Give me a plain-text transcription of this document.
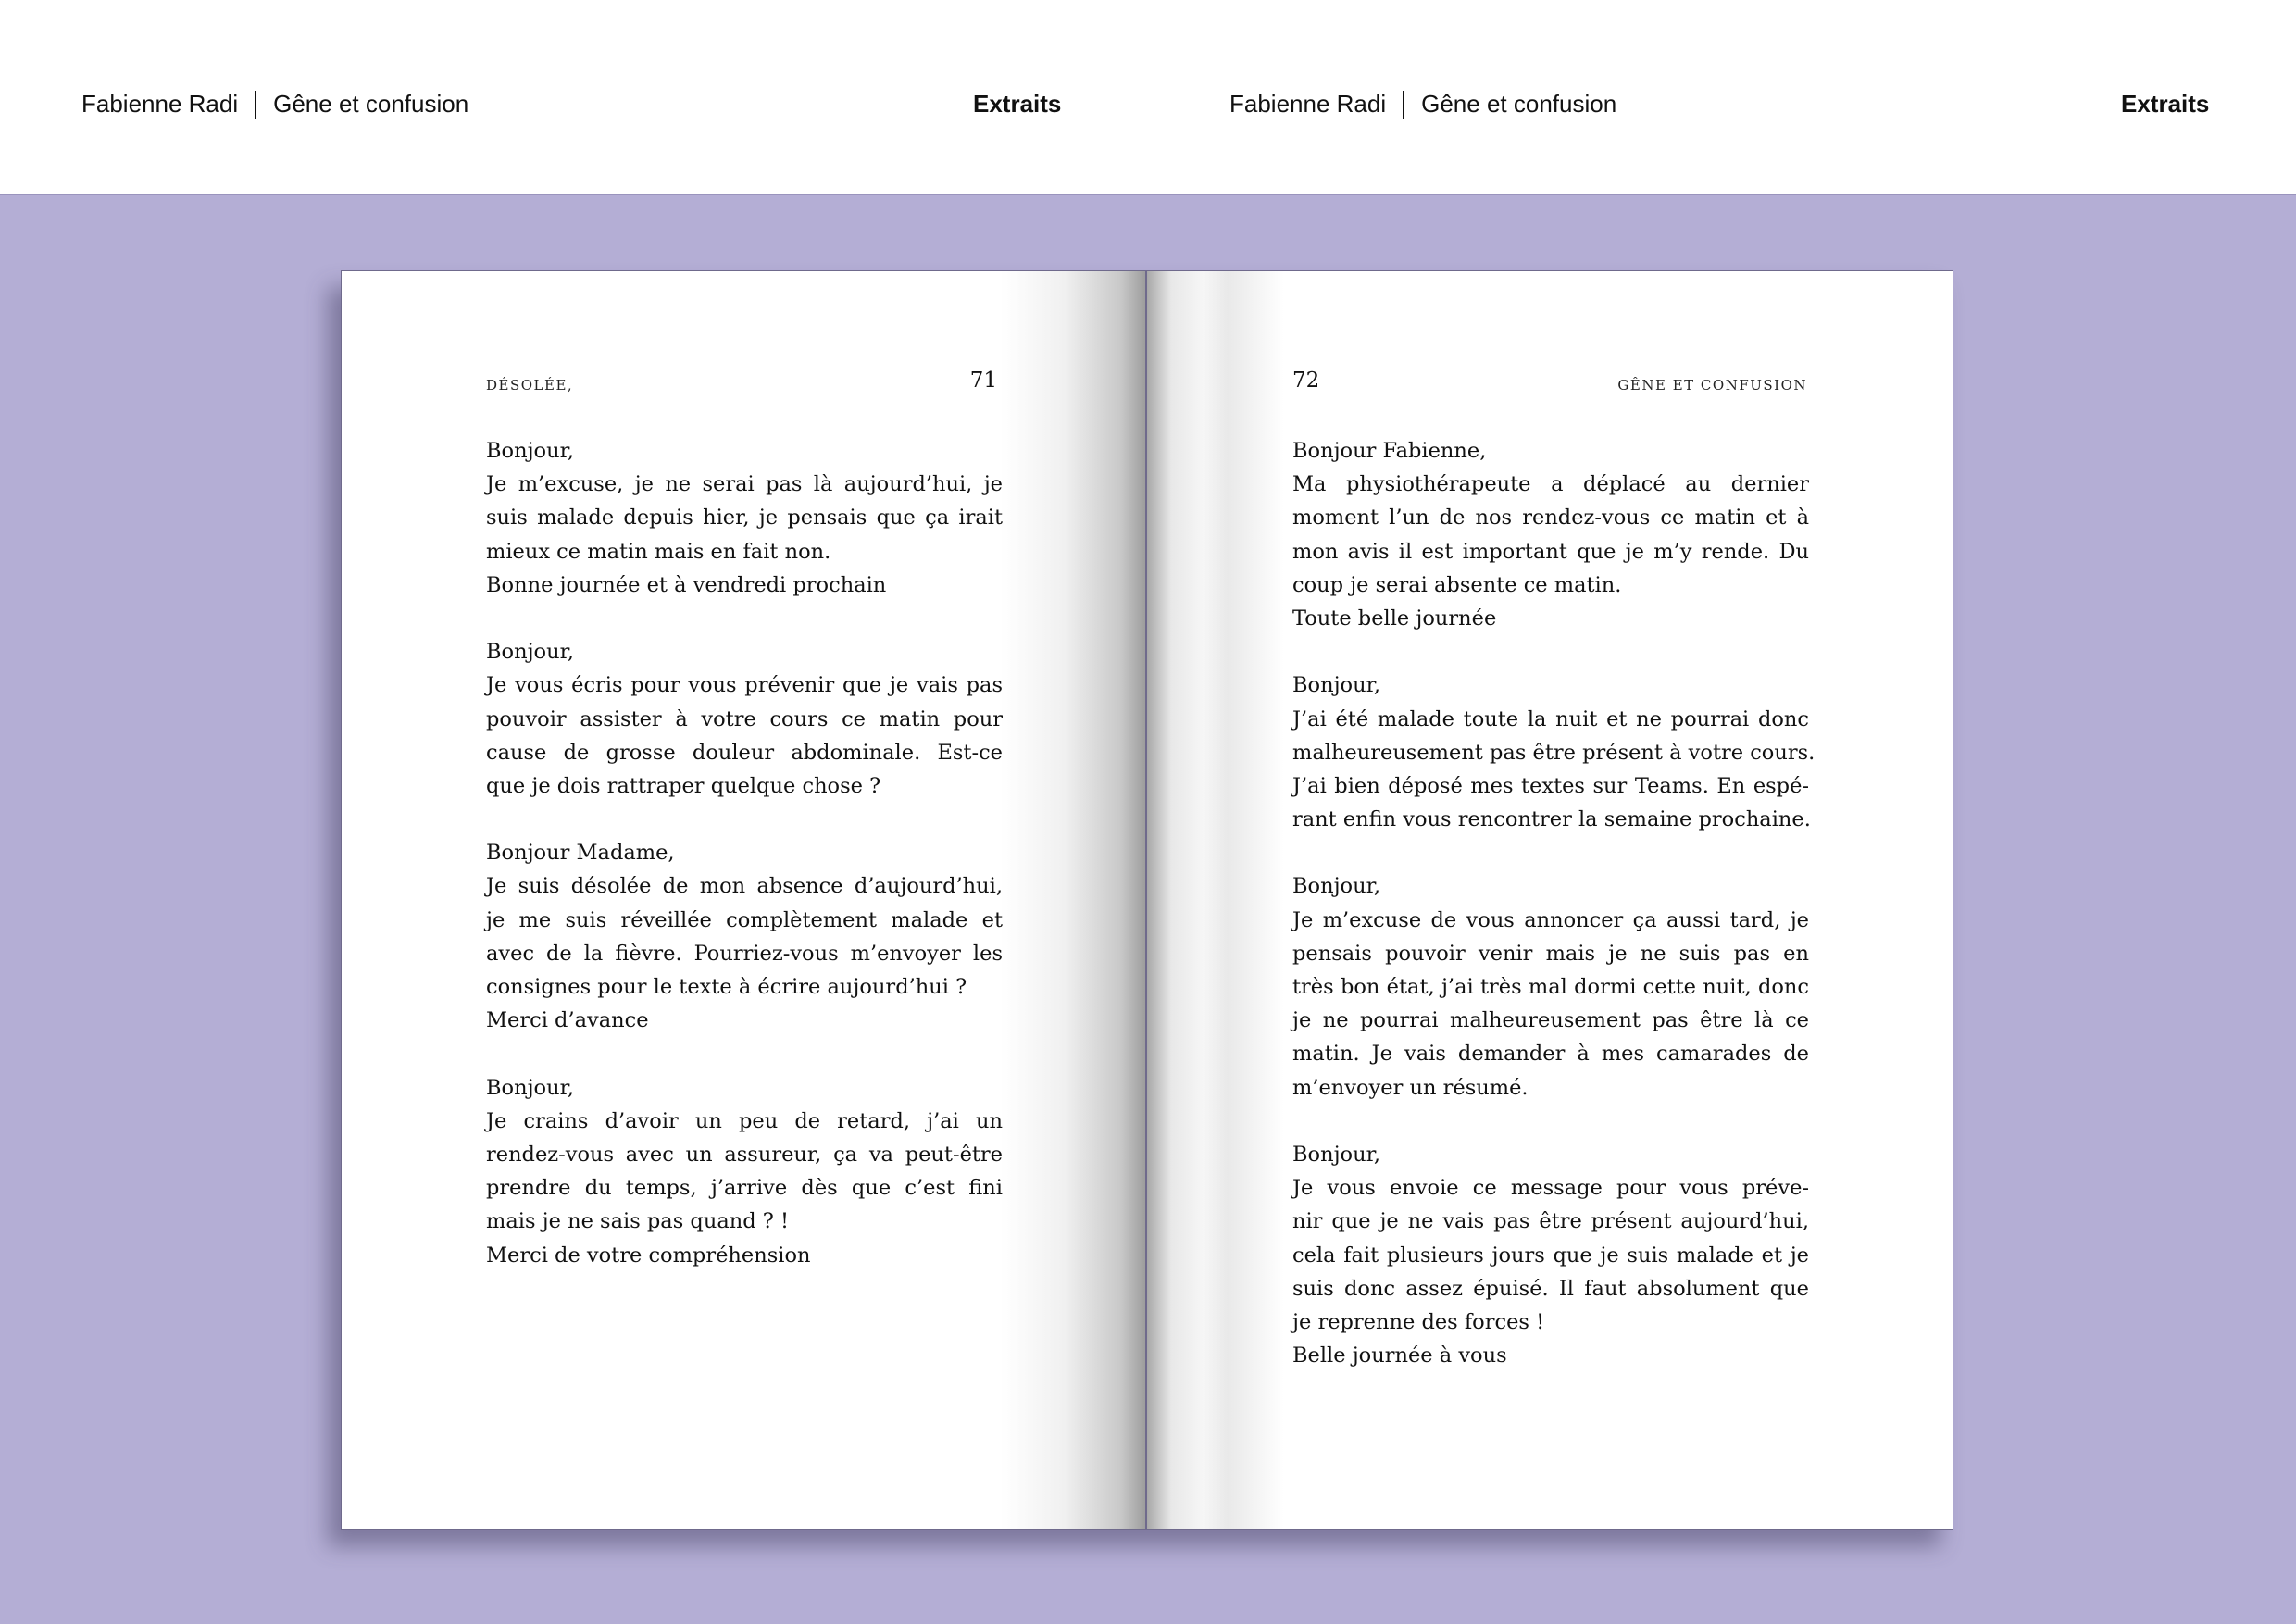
Fabienne Radi Gêne et confusion	Extraits	Fabienne Radi Gêne et confusion	Extraits
DÉSOLÉE,	71
Bonjour,
Je m’excuse, je ne serai pas là aujourd’hui, je
suis malade depuis hier, je pensais que ça irait
mieux ce matin mais en fait non.
Bonne journée et à vendredi prochain
Bonjour,
Je vous écris pour vous prévenir que je vais pas
pouvoir assister à votre cours ce matin pour
cause de grosse douleur abdominale. Est-ce
que je dois rattraper quelque chose ?
Bonjour Madame,
Je suis désolée de mon absence d’aujourd’hui,
je me suis réveillée complètement malade et
avec de la fièvre. Pourriez-vous m’envoyer les
consignes pour le texte à écrire aujourd’hui ?
Merci d’avance
Bonjour,
Je crains d’avoir un peu de retard, j’ai un
rendez-vous avec un assureur, ça va peut-être
prendre du temps, j’arrive dès que c’est fini
mais je ne sais pas quand ? !
Merci de votre compréhension
72	GÊNE ET CONFUSION
Bonjour Fabienne,
Ma physiothérapeute a déplacé au dernier
moment l’un de nos rendez-vous ce matin et à
mon avis il est important que je m’y rende. Du
coup je serai absente ce matin.
Toute belle journée
Bonjour,
J’ai été malade toute la nuit et ne pourrai donc
malheureusement pas être présent à votre cours.
J’ai bien déposé mes textes sur Teams. En espé-
rant enfin vous rencontrer la semaine prochaine.
Bonjour,
Je m’excuse de vous annoncer ça aussi tard, je
pensais pouvoir venir mais je ne suis pas en
très bon état, j’ai très mal dormi cette nuit, donc
je ne pourrai malheureusement pas être là ce
matin. Je vais demander à mes camarades de
m’envoyer un résumé.
Bonjour,
Je vous envoie ce message pour vous préve-
nir que je ne vais pas être présent aujourd’hui,
cela fait plusieurs jours que je suis malade et je
suis donc assez épuisé. Il faut absolument que
je reprenne des forces !
Belle journée à vous
